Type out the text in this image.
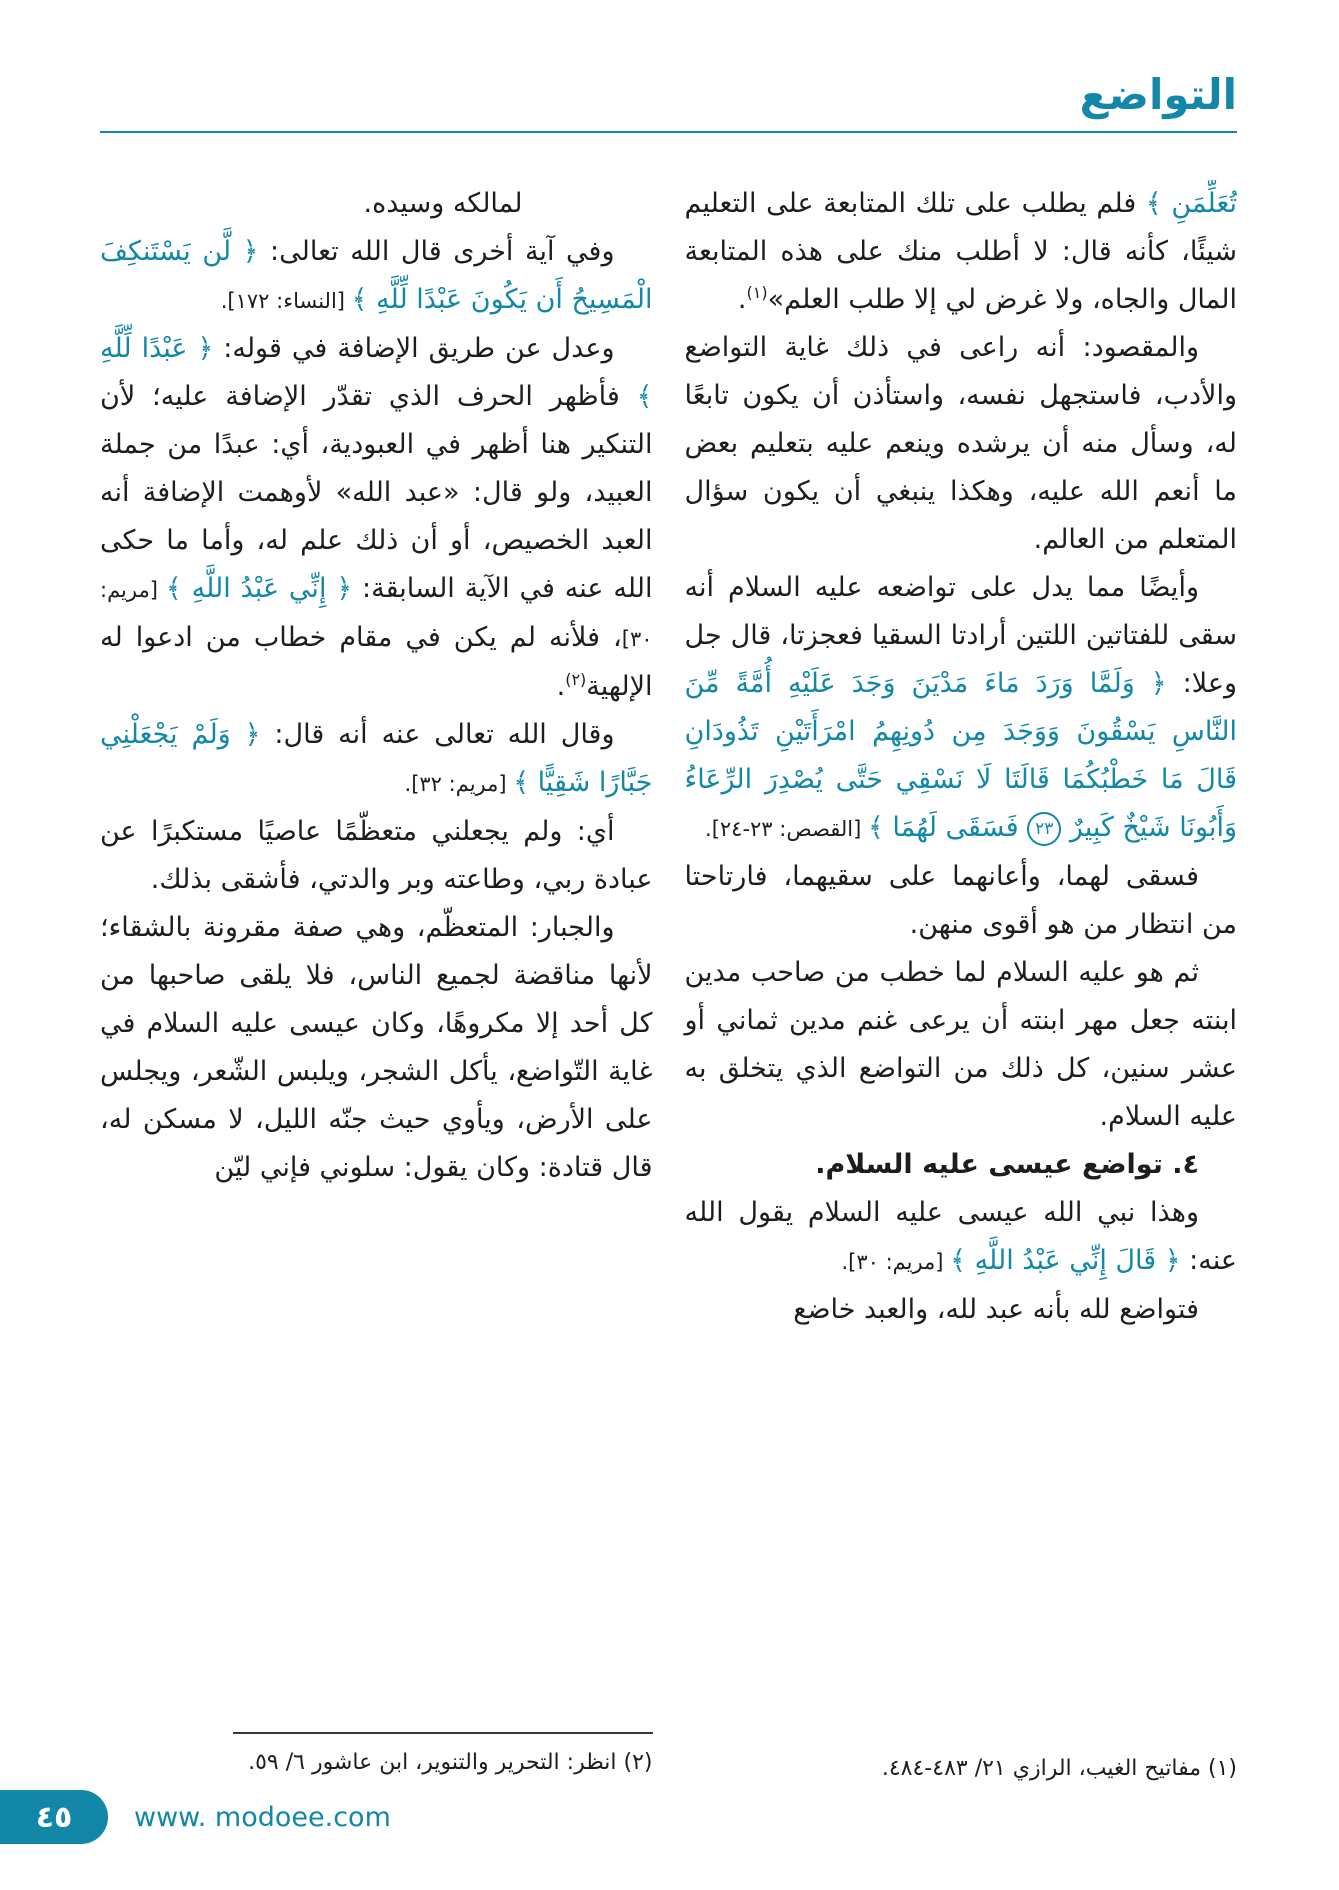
التواضع

تُعَلِّمَنِ ﴾ فلم يطلب على تلك المتابعة على التعليم شيئًا، كأنه قال: لا أطلب منك على هذه المتابعة المال والجاه، ولا غرض لي إلا طلب العلم»$^{(١)}$.

والمقصود: أنه راعى في ذلك غاية التواضع والأدب، فاستجهل نفسه، واستأذن أن يكون تابعًا له، وسأل منه أن يرشده وينعم عليه بتعليم بعض ما أنعم الله عليه، وهكذا ينبغي أن يكون سؤال المتعلم من العالم.

وأيضًا مما يدل على تواضعه عليه السلام أنه سقى للفتاتين اللتين أرادتا السقيا فعجزتا، قال جل وعلا: ﴿ وَلَمَّا وَرَدَ مَاءَ مَدْيَنَ وَجَدَ عَلَيْهِ أُمَّةً مِّنَ النَّاسِ يَسْقُونَ وَوَجَدَ مِن دُونِهِمُ امْرَأَتَيْنِ تَذُودَانِ قَالَ مَا خَطْبُكُمَا قَالَتَا لَا نَسْقِي حَتَّى يُصْدِرَ الرِّعَاءُ وَأَبُونَا شَيْخٌ كَبِيرٌ ٢٣ فَسَقَى لَهُمَا ﴾ [القصص: ٢٣-٢٤].

فسقى لهما، وأعانهما على سقيهما، فارتاحتا من انتظار من هو أقوى منهن.

ثم هو عليه السلام لما خطب من صاحب مدين ابنته جعل مهر ابنته أن يرعى غنم مدين ثماني أو عشر سنين، كل ذلك من التواضع الذي يتخلق به عليه السلام.

٤. تواضع عيسى عليه السلام.

وهذا نبي الله عيسى عليه السلام يقول الله عنه: ﴿ قَالَ إِنِّي عَبْدُ اللَّهِ ﴾ [مريم: ٣٠].

فتواضع لله بأنه عبد لله، والعبد خاضع

لمالكه وسيده.

وفي آية أخرى قال الله تعالى: ﴿ لَّن يَسْتَنكِفَ الْمَسِيحُ أَن يَكُونَ عَبْدًا لِّلَّهِ ﴾ [النساء: ١٧٢].

وعدل عن طريق الإضافة في قوله: ﴿ عَبْدًا لِّلَّهِ ﴾ فأظهر الحرف الذي تقدّر الإضافة عليه؛ لأن التنكير هنا أظهر في العبودية، أي: عبدًا من جملة العبيد، ولو قال: «عبد الله» لأوهمت الإضافة أنه العبد الخصيص، أو أن ذلك علم له، وأما ما حكى الله عنه في الآية السابقة: ﴿ إِنِّي عَبْدُ اللَّهِ ﴾ [مريم: ٣٠]، فلأنه لم يكن في مقام خطاب من ادعوا له الإلهية$^{(٢)}$.

وقال الله تعالى عنه أنه قال: ﴿ وَلَمْ يَجْعَلْنِي جَبَّارًا شَقِيًّا ﴾ [مريم: ٣٢].

أي: ولم يجعلني متعظّمًا عاصيًا مستكبرًا عن عبادة ربي، وطاعته وبر والدتي، فأشقى بذلك.

والجبار: المتعظّم، وهي صفة مقرونة بالشقاء؛ لأنها مناقضة لجميع الناس، فلا يلقى صاحبها من كل أحد إلا مكروهًا، وكان عيسى عليه السلام في غاية التّواضع، يأكل الشجر، ويلبس الشّعر، ويجلس على الأرض، ويأوي حيث جنّه الليل، لا مسكن له، قال قتادة: وكان يقول: سلوني فإني ليّن

(١) مفاتيح الغيب، الرازي ٢١/ ٤٨٣-٤٨٤.

(٢) انظر: التحرير والتنوير، ابن عاشور ٦/ ٥٩.

٤٥	www. modoee.com
